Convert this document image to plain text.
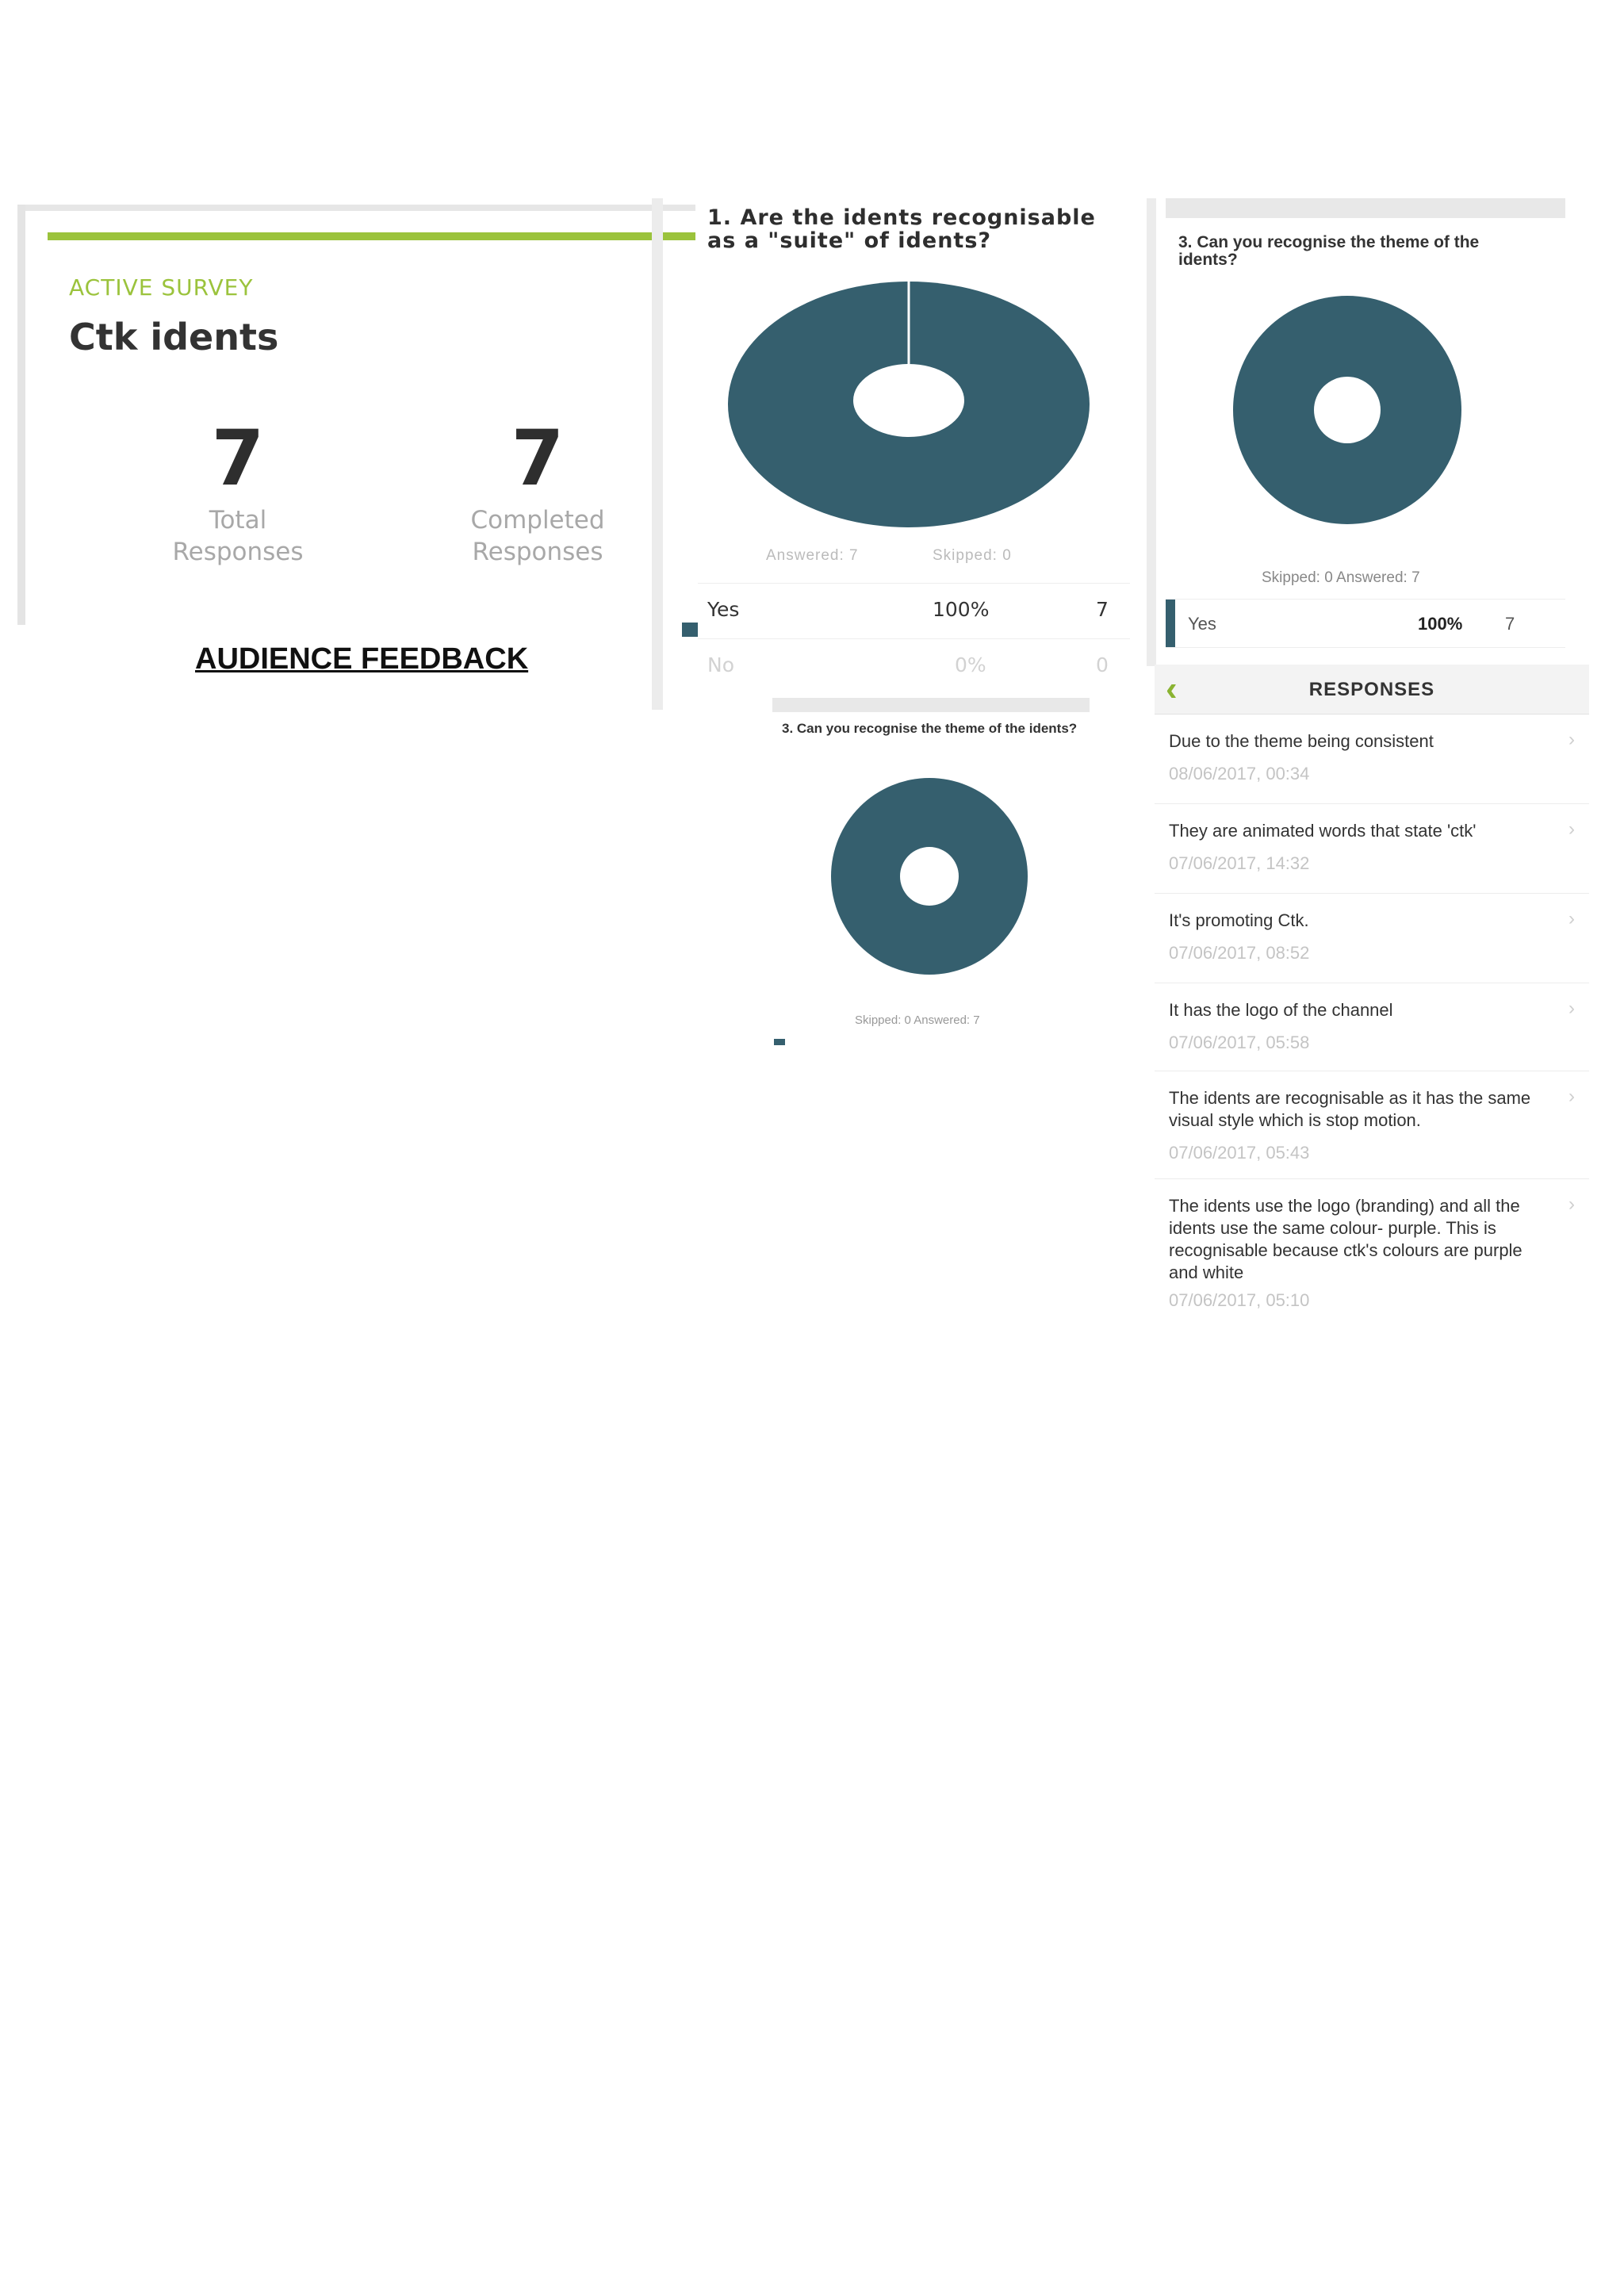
ACTIVE SURVEY
Ctk idents
7
Total
Responses
7
Completed
Responses
AUDIENCE FEEDBACK
1. Are the idents recognisable as a "suite" of idents?
Answered: 7	Skipped: 0
Yes	100%	7
No	0%	0
3. Can you recognise the theme of the idents?
Skipped: 0 Answered: 7
Yes	100% 7
3. Can you recognise the theme of the idents?
Skipped: 0 Answered: 7
‹	RESPONSES
Due to the theme being consistent
08/06/2017, 00:34
›
They are animated words that state 'ctk'
07/06/2017, 14:32
›
It's promoting Ctk.
07/06/2017, 08:52
›
It has the logo of the channel
07/06/2017, 05:58
›
The idents are recognisable as it has the same visual style which is stop motion.
07/06/2017, 05:43
›
The idents use the logo (branding) and all the idents use the same colour- purple. This is recognisable because ctk's colours are purple and white
07/06/2017, 05:10
›
